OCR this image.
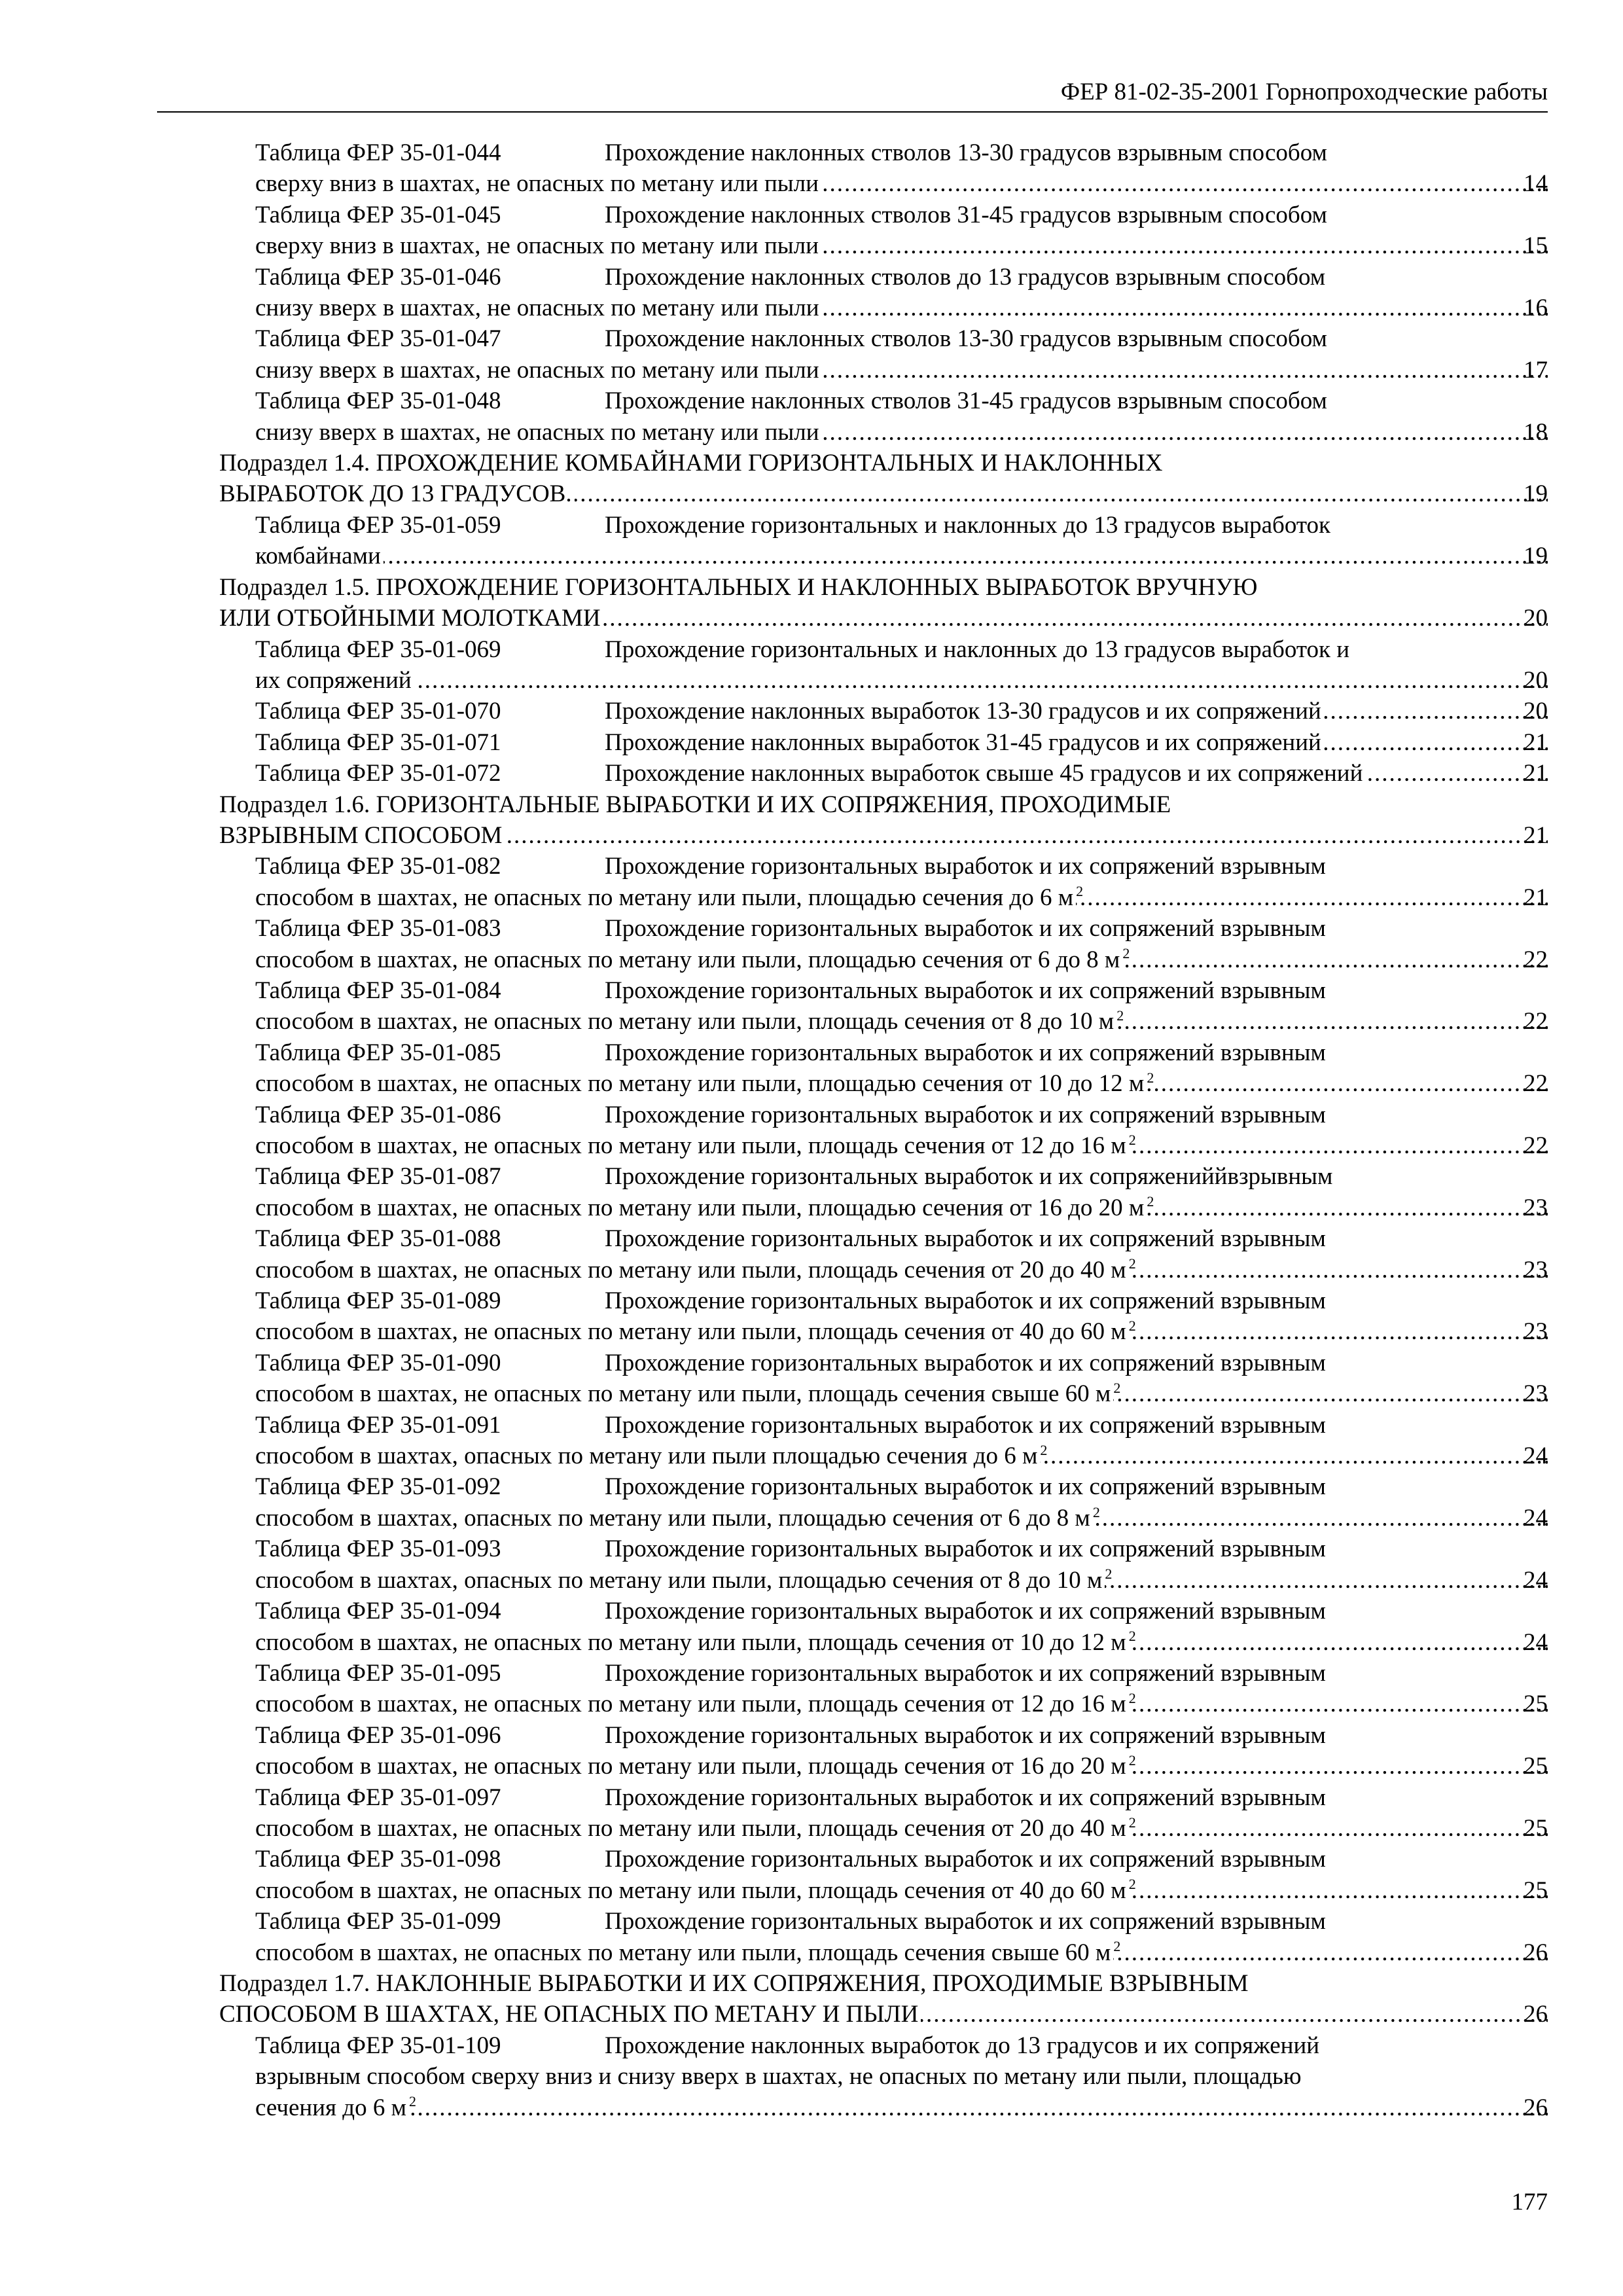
ФЕР 81-02-35-2001 Горнопроходческие работы
Таблица ФЕР 35-01-044	Прохождение наклонных стволов 13-30 градусов взрывным способом
сверху вниз в шахтах, не опасных по метану или пыли	14
.....
Таблица ФЕР 35-01-045	Прохождение наклонных стволов 31-45 градусов взрывным способом
сверху вниз в шахтах, не опасных по метану или пыли	15
.....
Таблица ФЕР 35-01-046	Прохождение наклонных стволов до 13 градусов взрывным способом
снизу вверх в шахтах, не опасных по метану или пыли	16
.....
Таблица ФЕР 35-01-047	Прохождение наклонных стволов 13-30 градусов взрывным способом
снизу вверх в шахтах, не опасных по метану или пыли	17
.....
Таблица ФЕР 35-01-048	Прохождение наклонных стволов 31-45 градусов взрывным способом
снизу вверх в шахтах, не опасных по метану или пыли	18
.....
Подраздел 1.4. ПРОХОЖДЕНИЕ КОМБАЙНАМИ ГОРИЗОНТАЛЬНЫХ И НАКЛОННЫХ
ВЫРАБОТОК ДО 13 ГРАДУСОВ.	19
.....
Таблица ФЕР 35-01-059	Прохождение горизонтальных и наклонных до 13 градусов выработок
комбайнами	19
.....
Подраздел 1.5. ПРОХОЖДЕНИЕ ГОРИЗОНТАЛЬНЫХ И НАКЛОННЫХ ВЫРАБОТОК ВРУЧНУЮ
ИЛИ ОТБОЙНЫМИ МОЛОТКАМИ	20
.....
Таблица ФЕР 35-01-069	Прохождение горизонтальных и наклонных до 13 градусов выработок и
их сопряжений	20
.....
Таблица ФЕР 35-01-070	Прохождение наклонных выработок 13-30 градусов и их сопряжений	20
.....
Таблица ФЕР 35-01-071	Прохождение наклонных выработок 31-45 градусов и их сопряжений	21
.....
Таблица ФЕР 35-01-072	Прохождение наклонных выработок свыше 45 градусов и их сопряжений	21
.....
Подраздел 1.6. ГОРИЗОНТАЛЬНЫЕ ВЫРАБОТКИ И ИХ СОПРЯЖЕНИЯ, ПРОХОДИМЫЕ
ВЗРЫВНЫМ СПОСОБОМ	21
.....
Таблица ФЕР 35-01-082	Прохождение горизонтальных выработок и их сопряжений взрывным
способом в шахтах, не опасных по метану или пыли, площадью сечения до 6 м $^2$	21
.....
Таблица ФЕР 35-01-083	Прохождение горизонтальных выработок и их сопряжений взрывным
способом в шахтах, не опасных по метану или пыли, площадью сечения от 6 до 8 м $^2$	22
.....
Таблица ФЕР 35-01-084	Прохождение горизонтальных выработок и их сопряжений взрывным
способом в шахтах, не опасных по метану или пыли, площадь сечения от 8 до 10 м $^2$	22
.....
Таблица ФЕР 35-01-085	Прохождение горизонтальных выработок и их сопряжений взрывным
способом в шахтах, не опасных по метану или пыли, площадью сечения от 10 до 12 м $^2$	22
.....
Таблица ФЕР 35-01-086	Прохождение горизонтальных выработок и их сопряжений взрывным
способом в шахтах, не опасных по метану или пыли, площадь сечения от 12 до 16 м $^2$	22
.....
Таблица ФЕР 35-01-087	Прохождение горизонтальных выработок и их сопряжениййвзрывным
способом в шахтах, не опасных по метану или пыли, площадью сечения от 16 до 20 м $^2$	23
.....
Таблица ФЕР 35-01-088	Прохождение горизонтальных выработок и их сопряжений взрывным
способом в шахтах, не опасных по метану или пыли, площадь сечения от 20 до 40 м $^2$	23
.....
Таблица ФЕР 35-01-089	Прохождение горизонтальных выработок и их сопряжений взрывным
способом в шахтах, не опасных по метану или пыли, площадь сечения от 40 до 60 м $^2$	23
.....
Таблица ФЕР 35-01-090	Прохождение горизонтальных выработок и их сопряжений взрывным
способом в шахтах, не опасных по метану или пыли, площадь сечения свыше 60 м $^2$	23
.....
Таблица ФЕР 35-01-091	Прохождение горизонтальных выработок и их сопряжений взрывным
способом в шахтах, опасных по метану или пыли площадью сечения до 6 м $^2$	24
.....
Таблица ФЕР 35-01-092	Прохождение горизонтальных выработок и их сопряжений взрывным
способом в шахтах, опасных по метану или пыли, площадью сечения от 6 до 8 м $^2$	24
.....
Таблица ФЕР 35-01-093	Прохождение горизонтальных выработок и их сопряжений взрывным
способом в шахтах, опасных по метану или пыли, площадью сечения от 8 до 10 м $^2$	24
.....
Таблица ФЕР 35-01-094	Прохождение горизонтальных выработок и их сопряжений взрывным
способом в шахтах, не опасных по метану или пыли, площадь сечения от 10 до 12 м $^2$	24
.....
Таблица ФЕР 35-01-095	Прохождение горизонтальных выработок и их сопряжений взрывным
способом в шахтах, не опасных по метану или пыли, площадь сечения от 12 до 16 м $^2$	25
.....
Таблица ФЕР 35-01-096	Прохождение горизонтальных выработок и их сопряжений взрывным
способом в шахтах, не опасных по метану или пыли, площадь сечения от 16 до 20 м $^2$	25
.....
Таблица ФЕР 35-01-097	Прохождение горизонтальных выработок и их сопряжений взрывным
способом в шахтах, не опасных по метану или пыли, площадь сечения от 20 до 40 м $^2$	25
.....
Таблица ФЕР 35-01-098	Прохождение горизонтальных выработок и их сопряжений взрывным
способом в шахтах, не опасных по метану или пыли, площадь сечения от 40 до 60 м $^2$	25
.....
Таблица ФЕР 35-01-099	Прохождение горизонтальных выработок и их сопряжений взрывным
способом в шахтах, не опасных по метану или пыли, площадь сечения свыше 60 м $^2$	26
.....
Подраздел 1.7. НАКЛОННЫЕ ВЫРАБОТКИ И ИХ СОПРЯЖЕНИЯ, ПРОХОДИМЫЕ ВЗРЫВНЫМ
СПОСОБОМ В ШАХТАХ, НЕ ОПАСНЫХ ПО МЕТАНУ И ПЫЛИ	26
.....
Таблица ФЕР 35-01-109	Прохождение наклонных выработок до 13 градусов и их сопряжений
взрывным способом сверху вниз и снизу вверх в шахтах, не опасных по метану или пыли, площадью
сечения до 6 м $^2$	26
.....
177
